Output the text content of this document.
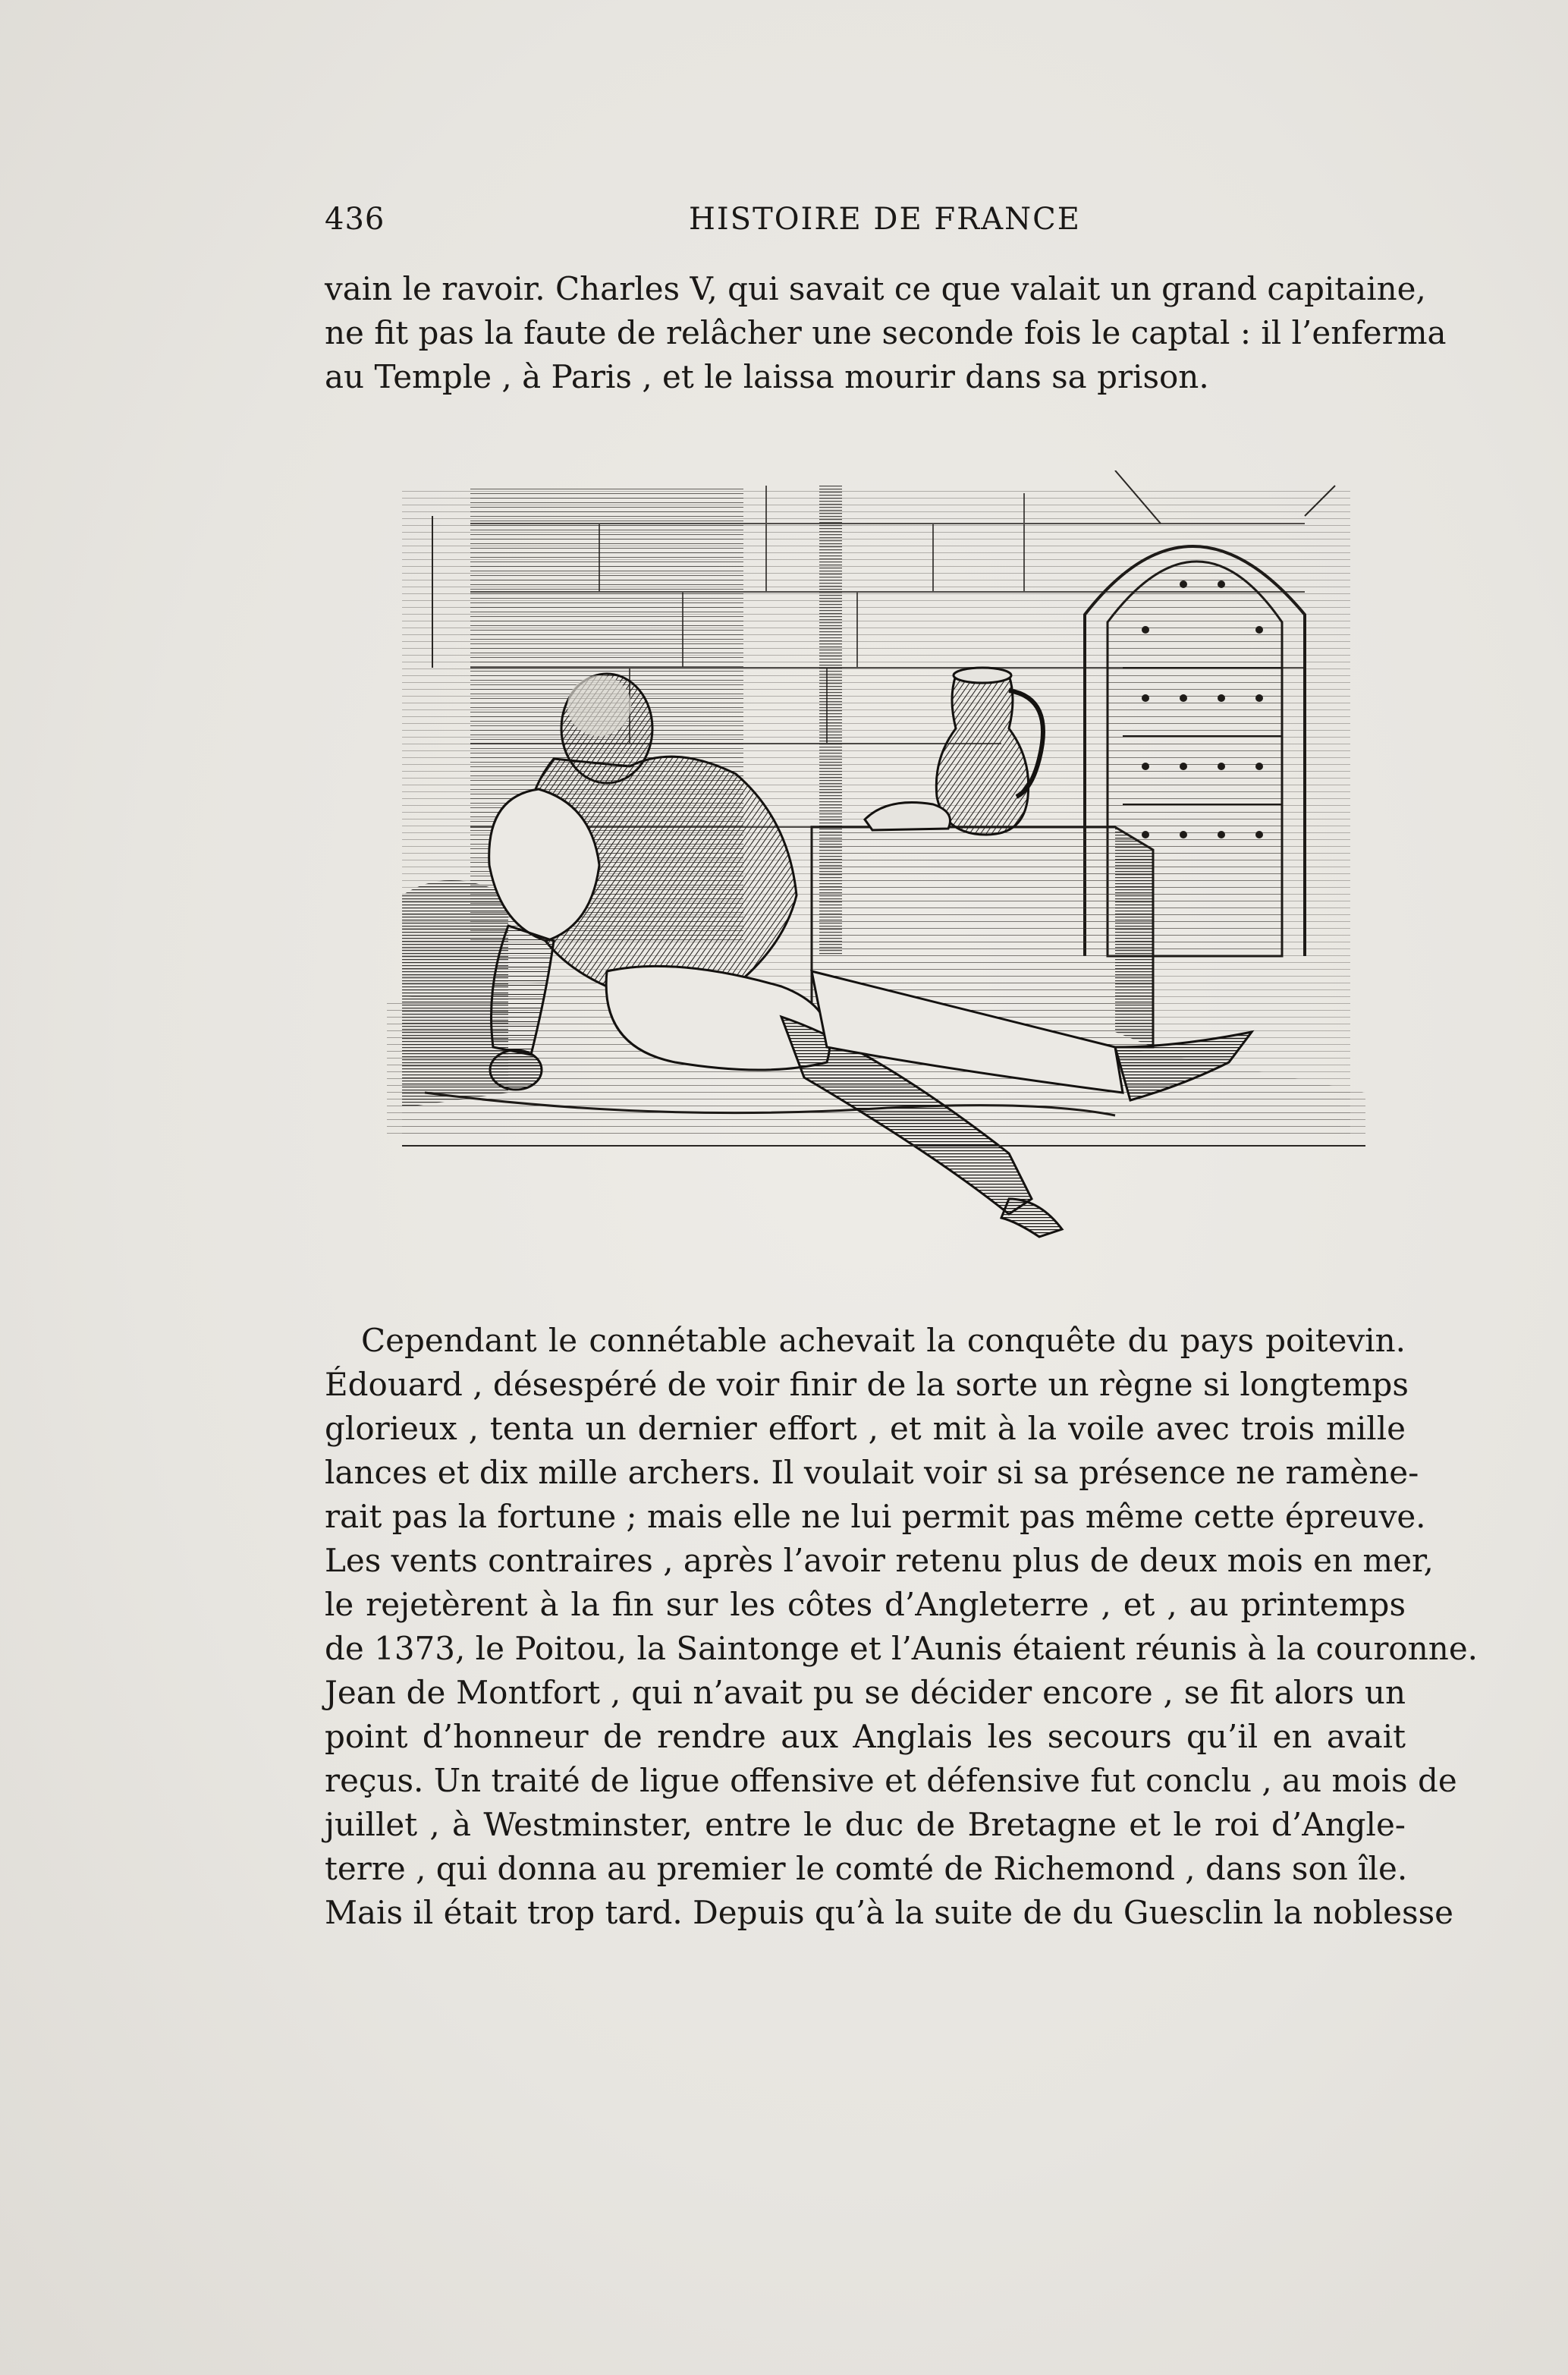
436	HISTOIRE DE FRANCE
vain le ravoir. Charles V, qui savait ce que valait un grand capitaine,
ne fit pas la faute de relâcher une seconde fois le captal : il l’enferma
au Temple , à Paris , et le laissa mourir dans sa prison.
Cependant le connétable achevait la conquête du pays poitevin.
Édouard , désespéré de voir finir de la sorte un règne si longtemps
glorieux , tenta un dernier effort , et mit à la voile avec trois mille
lances et dix mille archers. Il voulait voir si sa présence ne ramène-
rait pas la fortune ; mais elle ne lui permit pas même cette épreuve.
Les vents contraires , après l’avoir retenu plus de deux mois en mer,
le rejetèrent à la fin sur les côtes d’Angleterre , et , au printemps
de 1373, le Poitou, la Saintonge et l’Aunis étaient réunis à la couronne.
Jean de Montfort , qui n’avait pu se décider encore , se fit alors un
point d’honneur de rendre aux Anglais les secours qu’il en avait
reçus. Un traité de ligue offensive et défensive fut conclu , au mois de
juillet , à Westminster, entre le duc de Bretagne et le roi d’Angle-
terre , qui donna au premier le comté de Richemond , dans son île.
Mais il était trop tard. Depuis qu’à la suite de du Guesclin la noblesse
